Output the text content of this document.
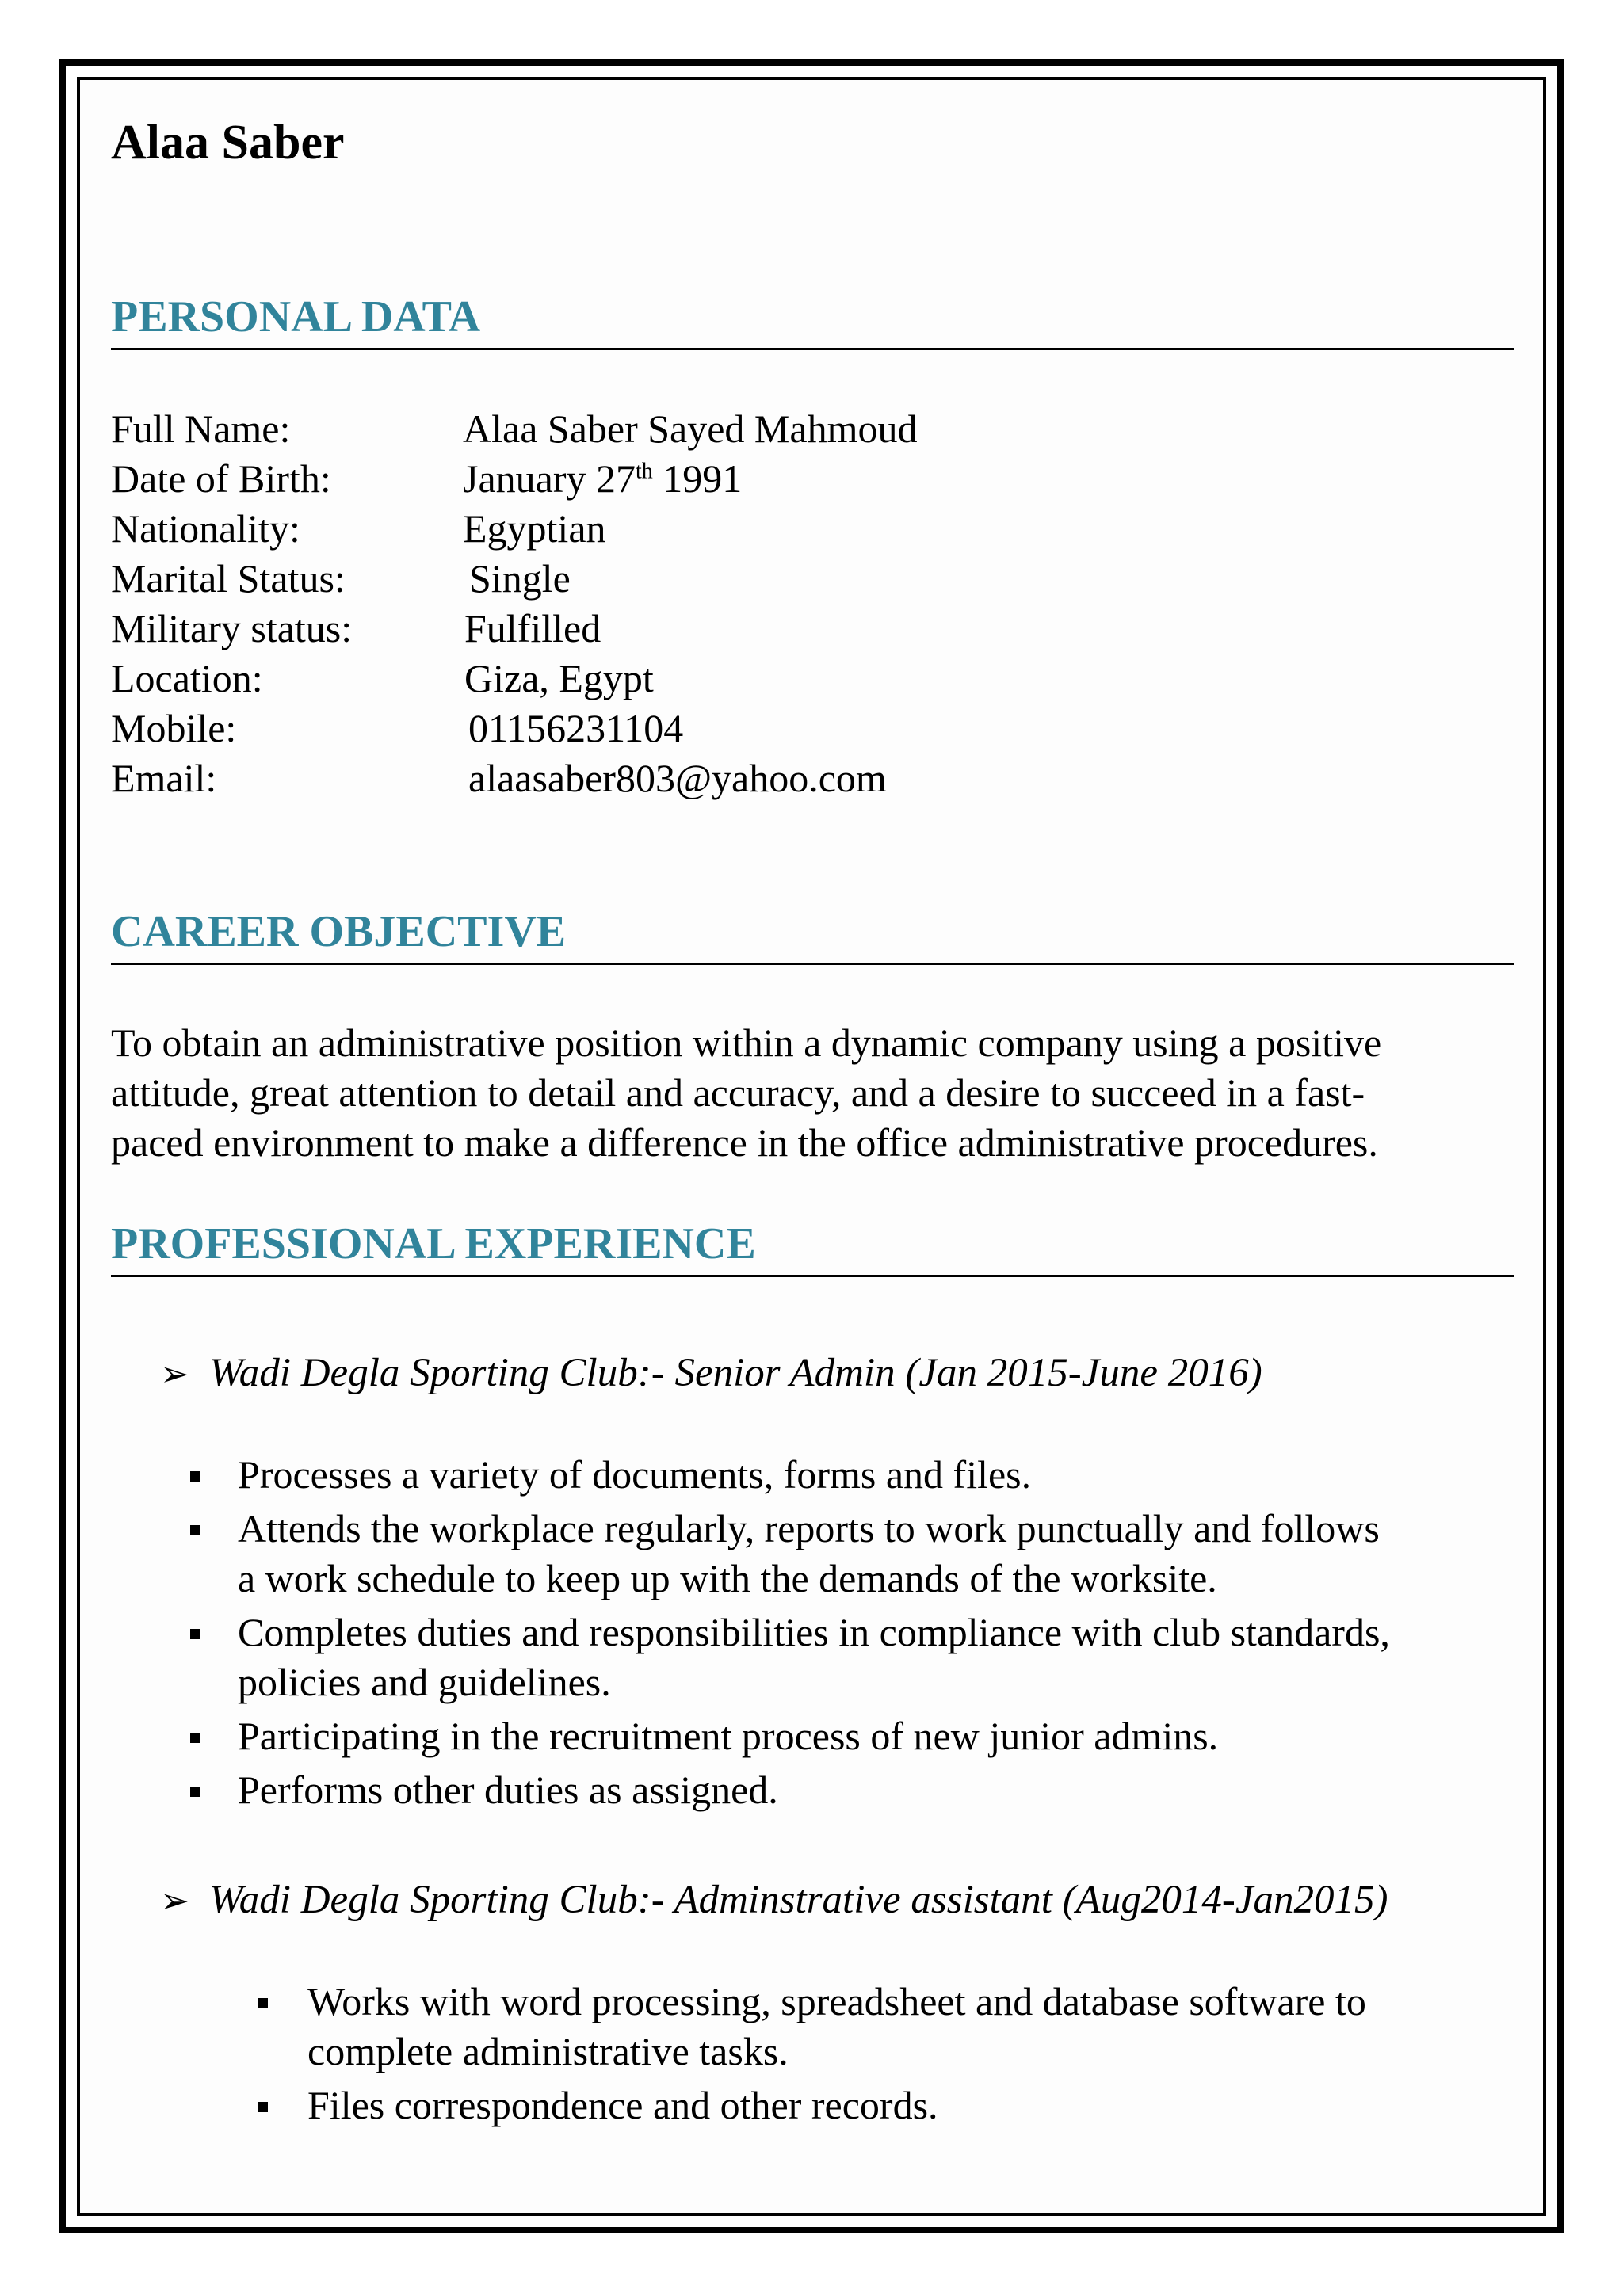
Alaa Saber
PERSONAL DATA
Full Name:	Alaa Saber Sayed Mahmoud
Date of Birth:	January 27th 1991
Nationality:	Egyptian
Marital Status:	Single
Military status:	Fulfilled
Location:	Giza, Egypt
Mobile:	01156231104
Email:	alaasaber803@yahoo.com
CAREER OBJECTIVE
To obtain an administrative position within a dynamic company using a positive
attitude, great attention to detail and accuracy, and a desire to succeed in a fast-
paced environment to make a difference in the office administrative procedures.
PROFESSIONAL EXPERIENCE
➢ Wadi Degla Sporting Club:- Senior Admin (Jan 2015-June 2016)
Processes a variety of documents, forms and files.
Attends the workplace regularly, reports to work punctually and follows
a work schedule to keep up with the demands of the worksite.
Completes duties and responsibilities in compliance with club standards,
policies and guidelines.
Participating in the recruitment process of new junior admins.
Performs other duties as assigned.
➢ Wadi Degla Sporting Club:- Adminstrative assistant (Aug2014-Jan2015)
Works with word processing, spreadsheet and database software to
complete administrative tasks.
Files correspondence and other records.
